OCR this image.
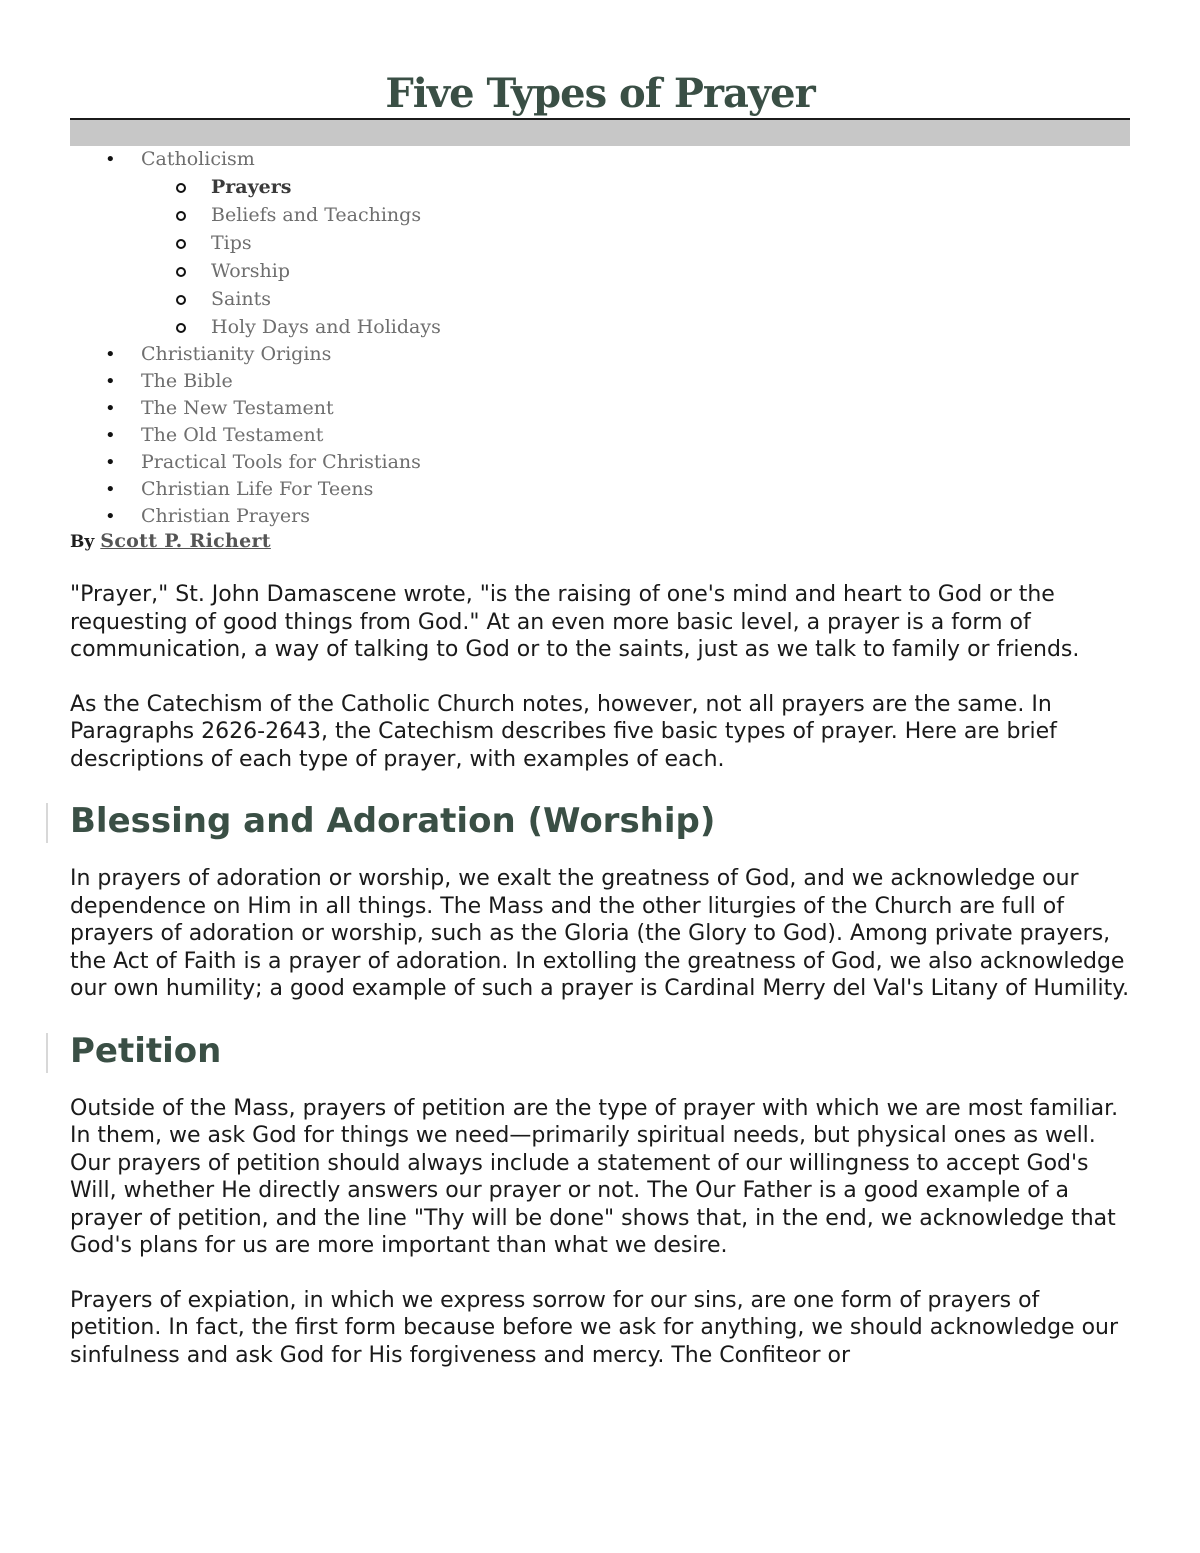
Five Types of Prayer
•	Catholicism
Prayers
Beliefs and Teachings
Tips
Worship
Saints
Holy Days and Holidays
• Christianity Origins
• The Bible
• The New Testament
• The Old Testament
• Practical Tools for Christians
• Christian Life For Teens
• Christian Prayers
By Scott P. Richert

"Prayer," St. John Damascene wrote, "is the raising of one's mind and heart to God or the requesting of good things from God." At an even more basic level, a prayer is a form of communication, a way of talking to God or to the saints, just as we talk to family or friends.

As the Catechism of the Catholic Church notes, however, not all prayers are the same. In Paragraphs 2626-2643, the Catechism describes five basic types of prayer. Here are brief descriptions of each type of prayer, with examples of each.

Blessing and Adoration (Worship)

In prayers of adoration or worship, we exalt the greatness of God, and we acknowledge our dependence on Him in all things. The Mass and the other liturgies of the Church are full of prayers of adoration or worship, such as the Gloria (the Glory to God). Among private prayers, the Act of Faith is a prayer of adoration. In extolling the greatness of God, we also acknowledge our own humility; a good example of such a prayer is Cardinal Merry del Val's Litany of Humility.

Petition

Outside of the Mass, prayers of petition are the type of prayer with which we are most familiar. In them, we ask God for things we need—primarily spiritual needs, but physical ones as well. Our prayers of petition should always include a statement of our willingness to accept God's Will, whether He directly answers our prayer or not. The Our Father is a good example of a prayer of petition, and the line "Thy will be done" shows that, in the end, we acknowledge that God's plans for us are more important than what we desire.

Prayers of expiation, in which we express sorrow for our sins, are one form of prayers of petition. In fact, the first form because before we ask for anything, we should acknowledge our sinfulness and ask God for His forgiveness and mercy. The Confiteor or
